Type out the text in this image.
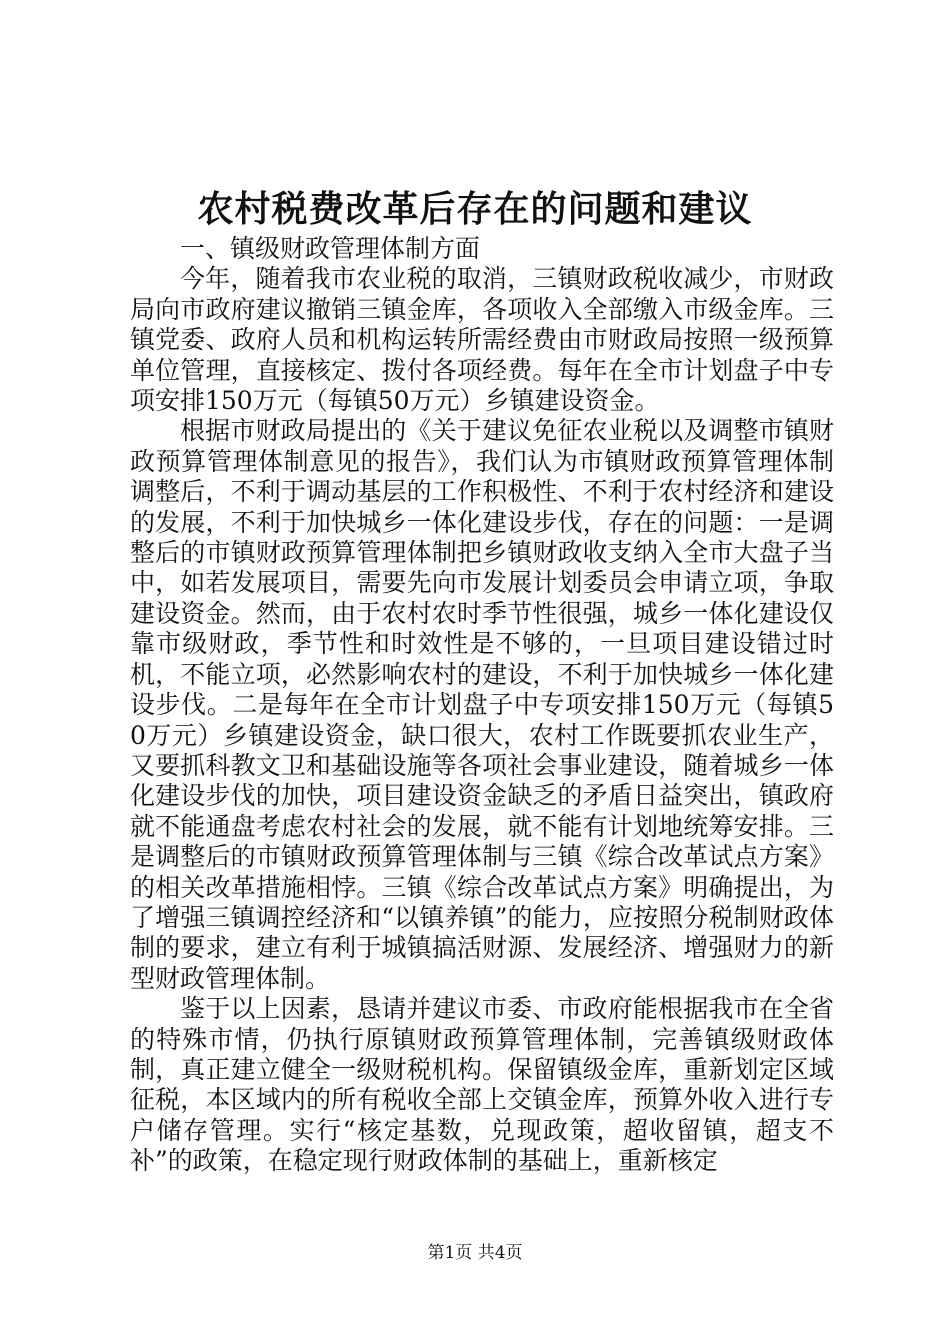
农村税费改革后存在的问题和建议

一、镇级财政管理体制方面

今年，随着我市农业税的取消，三镇财政税收减少，市财政局向市政府建议撤销三镇金库，各项收入全部缴入市级金库。三镇党委、政府人员和机构运转所需经费由市财政局按照一级预算单位管理，直接核定、拨付各项经费。每年在全市计划盘子中专项安排150万元（每镇50万元）乡镇建设资金。

根据市财政局提出的《关于建议免征农业税以及调整市镇财政预算管理体制意见的报告》，我们认为市镇财政预算管理体制调整后，不利于调动基层的工作积极性、不利于农村经济和建设的发展，不利于加快城乡一体化建设步伐，存在的问题：一是调整后的市镇财政预算管理体制把乡镇财政收支纳入全市大盘子当中，如若发展项目，需要先向市发展计划委员会申请立项，争取建设资金。然而，由于农村农时季节性很强，城乡一体化建设仅靠市级财政，季节性和时效性是不够的，一旦项目建设错过时机，不能立项，必然影响农村的建设，不利于加快城乡一体化建设步伐。二是每年在全市计划盘子中专项安排150万元（每镇50万元）乡镇建设资金，缺口很大，农村工作既要抓农业生产，又要抓科教文卫和基础设施等各项社会事业建设，随着城乡一体化建设步伐的加快，项目建设资金缺乏的矛盾日益突出，镇政府就不能通盘考虑农村社会的发展，就不能有计划地统筹安排。三是调整后的市镇财政预算管理体制与三镇《综合改革试点方案》的相关改革措施相悖。三镇《综合改革试点方案》明确提出，为了增强三镇调控经济和“以镇养镇”的能力，应按照分税制财政体制的要求，建立有利于城镇搞活财源、发展经济、增强财力的新型财政管理体制。

鉴于以上因素，恳请并建议市委、市政府能根据我市在全省的特殊市情，仍执行原镇财政预算管理体制，完善镇级财政体制，真正建立健全一级财税机构。保留镇级金库，重新划定区域征税，本区域内的所有税收全部上交镇金库，预算外收入进行专户储存管理。实行“核定基数，兑现政策，超收留镇，超支不补”的政策，在稳定现行财政体制的基础上，重新核定

第1页 共4页
